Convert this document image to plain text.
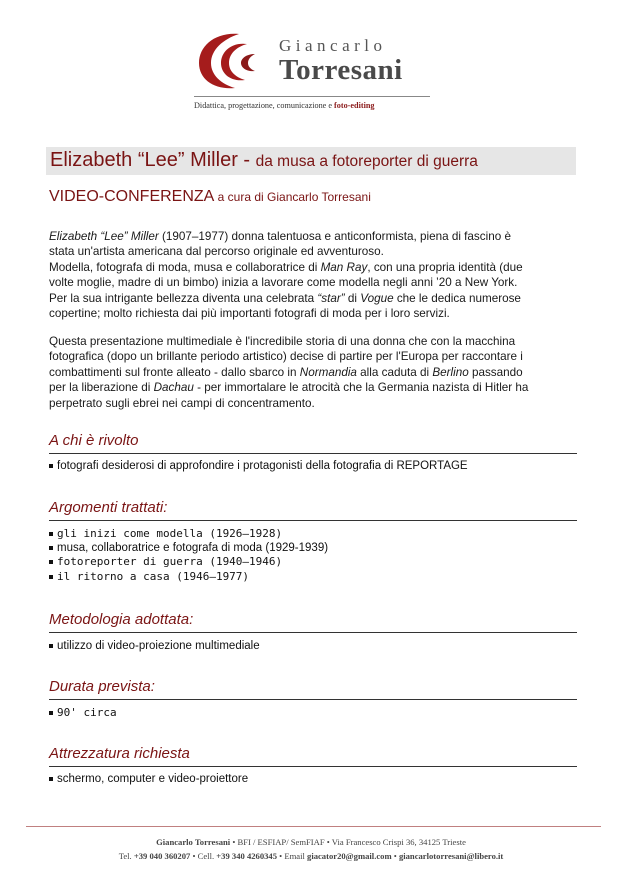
Giancarlo
Torresani
Didattica, progettazione, comunicazione e foto-editing
Elizabeth “Lee” Miller - da musa a fotoreporter di guerra
VIDEO-CONFERENZA a cura di Giancarlo Torresani
Elizabeth “Lee” Miller (1907–1977) donna talentuosa e anticonformista, piena di fascino è
stata un'artista americana dal percorso originale ed avventuroso.
Modella, fotografa di moda, musa e collaboratrice di Man Ray, con una propria identità (due
volte moglie, madre di un bimbo) inizia a lavorare come modella negli anni ’20 a New York.
Per la sua intrigante bellezza diventa una celebrata “star” di Vogue che le dedica numerose
copertine; molto richiesta dai più importanti fotografi di moda per i loro servizi.
Questa presentazione multimediale è l'incredibile storia di una donna che con la macchina
fotografica (dopo un brillante periodo artistico) decise di partire per l'Europa per raccontare i
combattimenti sul fronte alleato - dallo sbarco in Normandia alla caduta di Berlino passando
per la liberazione di Dachau - per immortalare le atrocità che la Germania nazista di Hitler ha
perpetrato sugli ebrei nei campi di concentramento.
A chi è rivolto
fotografi desiderosi di approfondire i protagonisti della fotografia di REPORTAGE
Argomenti trattati:
gli inizi come modella (1926–1928)
musa, collaboratrice e fotografa di moda (1929-1939)
fotoreporter di guerra (1940–1946)
il ritorno a casa (1946–1977)
Metodologia adottata:
utilizzo di video-proiezione multimediale
Durata prevista:
90' circa
Attrezzatura richiesta
schermo, computer e video-proiettore
Giancarlo Torresani • BFI / ESFIAP/ SemFIAF • Via Francesco Crispi 36, 34125 Trieste
Tel. +39 040 360207 • Cell. +39 340 4260345 • Email giacator20@gmail.com • giancarlotorresani@libero.it
